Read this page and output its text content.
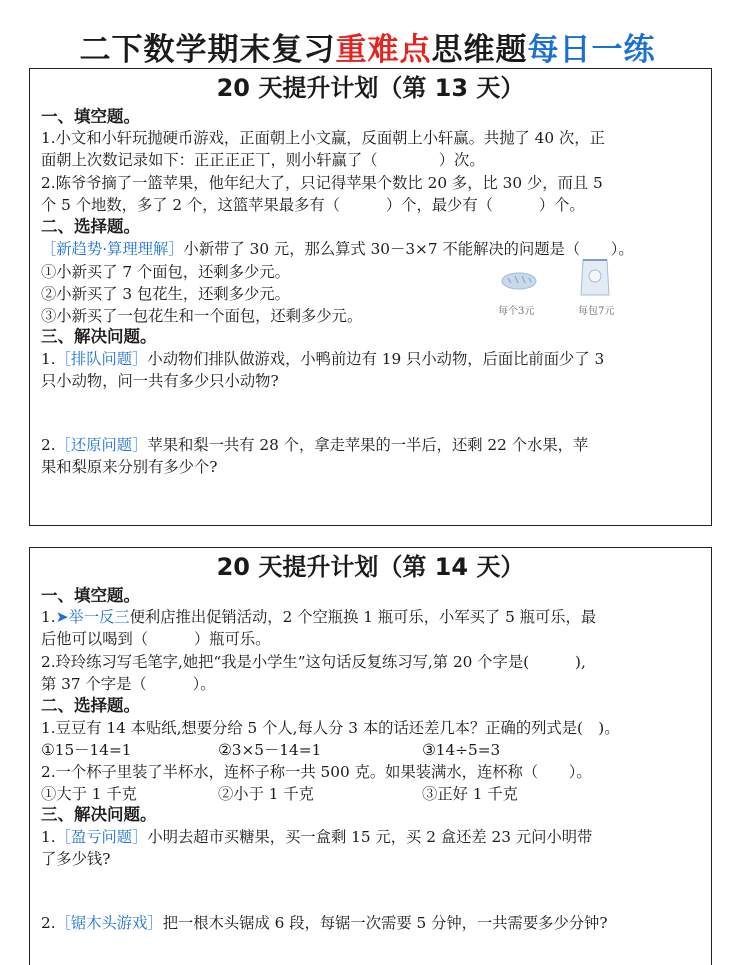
二下数学期末复习重难点思维题每日一练
20 天提升计划（第 13 天）
一、填空题。
1.小文和小轩玩抛硬币游戏，正面朝上小文赢，反面朝上小轩赢。共抛了 40 次，正
面朝上次数记录如下：正正正正丅，则小轩赢了（　　　　）次。
2.陈爷爷摘了一篮苹果，他年纪大了，只记得苹果个数比 20 多，比 30 少，而且 5
个 5 个地数，多了 2 个，这篮苹果最多有（　　　）个，最少有（　　　）个。
二、选择题。
［新趋势·算理理解］小新带了 30 元，那么算式 30－3×7 不能解决的问题是（　　）。
①小新买了 7 个面包，还剩多少元。
②小新买了 3 包花生，还剩多少元。
③小新买了一包花生和一个面包，还剩多少元。	每个3元	每包7元
三、解决问题。
1.［排队问题］小动物们排队做游戏，小鸭前边有 19 只小动物，后面比前面少了 3
只小动物，问一共有多少只小动物?
2.［还原问题］苹果和梨一共有 28 个，拿走苹果的一半后，还剩 22 个水果，苹
果和梨原来分别有多少个?
20 天提升计划（第 14 天）
一、填空题。
1.➤举一反三便利店推出促销活动，2 个空瓶换 1 瓶可乐，小军买了 5 瓶可乐，最
后他可以喝到（　　　）瓶可乐。
2.玲玲练习写毛笔字,她把“我是小学生”这句话反复练习写,第 20 个字是(　　　),
第 37 个字是（　　　）。
二、选择题。
1.豆豆有 14 本贴纸,想要分给 5 个人,每人分 3 本的话还差几本？正确的列式是(　)。
①15－14=1	②3×5－14=1	③14÷5=3
2.一个杯子里装了半杯水，连杯子称一共 500 克。如果装满水，连杯称（　　）。
①大于 1 千克	②小于 1 千克	③正好 1 千克
三、解决问题。
1.［盈亏问题］小明去超市买糖果，买一盒剩 15 元，买 2 盒还差 23 元问小明带
了多少钱?
2.［锯木头游戏］把一根木头锯成 6 段，每锯一次需要 5 分钟，一共需要多少分钟?
